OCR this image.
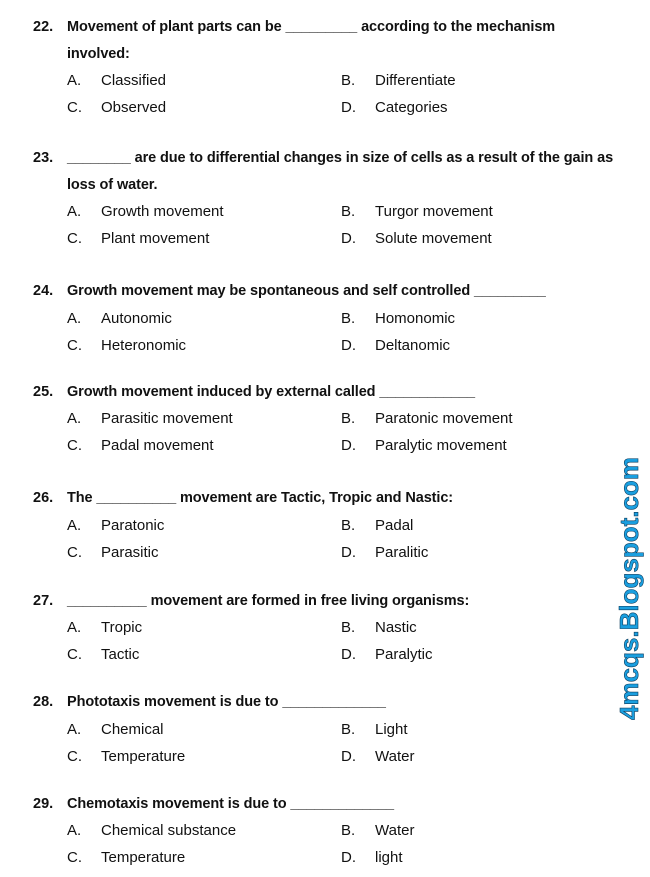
22. Movement of plant parts can be _________ according to the mechanism involved:
A. Classified	B. Differentiate
C. Observed	D. Categories
23. ________ are due to differential changes in size of cells as a result of the gain as loss of water.
A. Growth movement	B. Turgor movement
C. Plant movement	D. Solute movement
24. Growth movement may be spontaneous and self controlled _________
A. Autonomic	B. Homonomic
C. Heteronomic	D. Deltanomic
25. Growth movement induced by external called ____________
A. Parasitic movement	B. Paratonic movement
C. Padal movement	D. Paralytic movement
26. The __________ movement are Tactic, Tropic and Nastic:
A. Paratonic	B. Padal
C. Parasitic	D. Paralitic
27. __________ movement are formed in free living organisms:
A. Tropic	B. Nastic
C. Tactic	D. Paralytic
28. Phototaxis movement is due to _____________
A. Chemical	B. Light
C. Temperature	D. Water
29. Chemotaxis movement is due to _____________
A. Chemical substance	B. Water
C. Temperature	D. light
4mcqs.Blogspot.com
